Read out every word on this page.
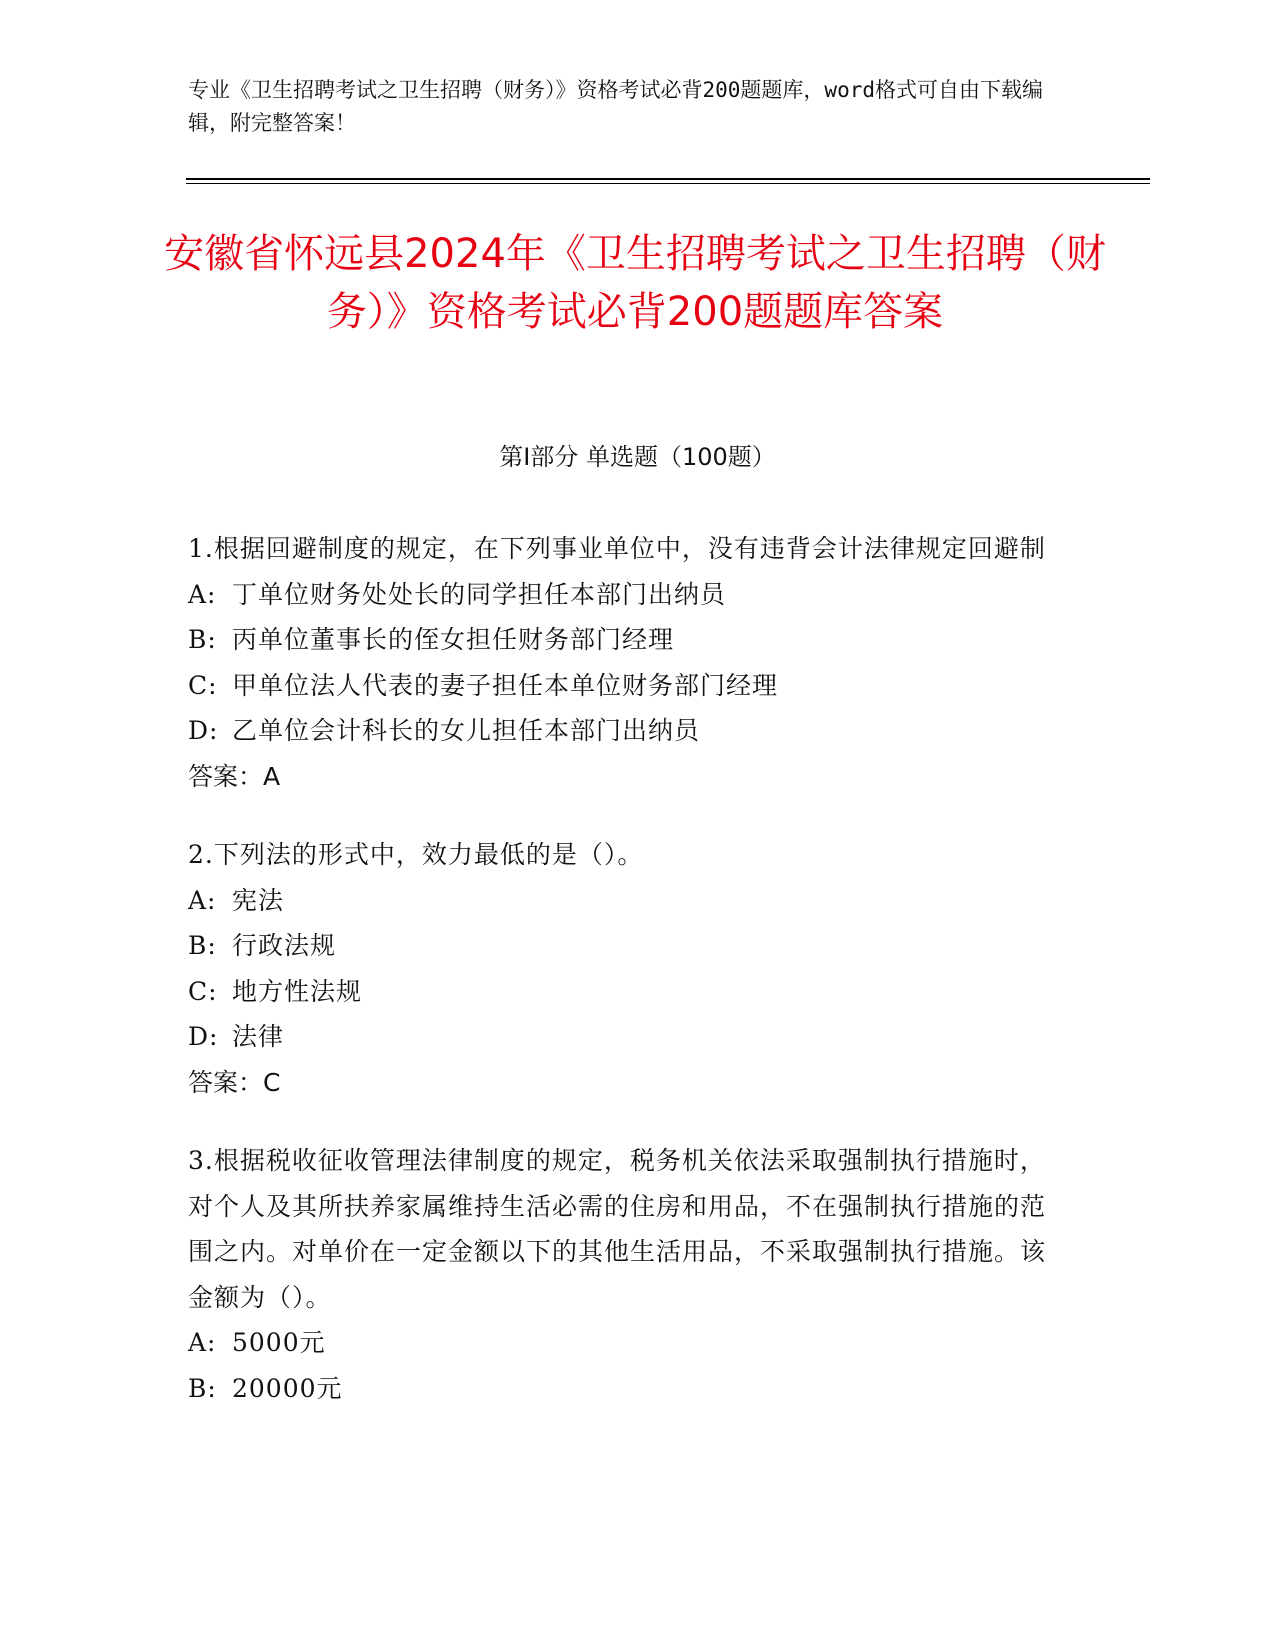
专业《卫生招聘考试之卫生招聘（财务）》资格考试必背200题题库，word格式可自由下载编辑，附完整答案！
安徽省怀远县2024年《卫生招聘考试之卫生招聘（财务）》资格考试必背200题题库答案
第Ⅰ部分 单选题（100题）
1.根据回避制度的规定，在下列事业单位中，没有违背会计法律规定回避制
A: 丁单位财务处处长的同学担任本部门出纳员
B: 丙单位董事长的侄女担任财务部门经理
C: 甲单位法人代表的妻子担任本单位财务部门经理
D: 乙单位会计科长的女儿担任本部门出纳员
答案：A
2.下列法的形式中，效力最低的是（）。
A: 宪法
B: 行政法规
C: 地方性法规
D: 法律
答案：C
3.根据税收征收管理法律制度的规定，税务机关依法采取强制执行措施时，对个人及其所扶养家属维持生活必需的住房和用品，不在强制执行措施的范围之内。对单价在一定金额以下的其他生活用品，不采取强制执行措施。该金额为（）。
A: 5000元
B: 20000元
